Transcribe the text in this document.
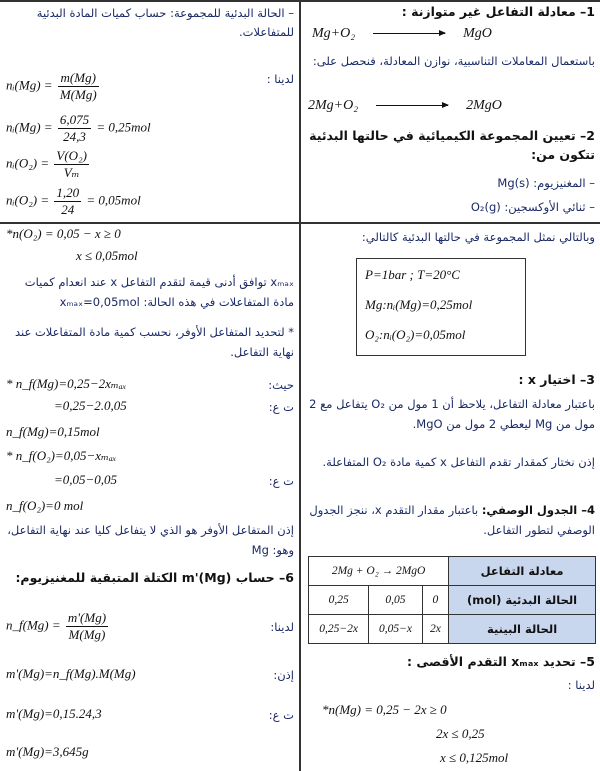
1– معادلة التفاعل غير متوازنة :
Mg+O₂	MgO
باستعمال المعاملات التناسبية، نوازن المعادلة، فنحصل على:
2Mg+O₂	2MgO
2– تعيين المجموعة الكيميائية في حالتها البدئية تتكون من:
– المغنيزيوم: Mg(s)
– ثنائي الأوكسجين: O₂(g)
– الحالة البدئية للمجموعة: حساب كميات المادة البدئية للمتفاعلات.
لدينا :
nᵢ(Mg) = $\frac{m(Mg)}{M(Mg)}$
nᵢ(Mg) = $\frac{6,075}{24,3} = 0,25mol$
nᵢ(O₂) = $\frac{\text{V(O₂)}}{\text{Vₘ}}$
nᵢ(O₂) = $\frac{1,20}{24} = 0,05mol$
وبالتالي نمثل المجموعة في حالتها البدئية كالتالي:
P=1bar ; T=20°C
Mg:nᵢ(Mg)=0,25mol
O₂:nᵢ(O₂)=0,05mol
3– اختيار x :
باعتبار معادلة التفاعل، يلاحظ أن 1 مول من O₂ يتفاعل مع 2 مول من Mg ليعطي 2 مول من MgO.
إذن نختار كمقدار تقدم التفاعل x كمية مادة O₂ المتفاعلة.
4– الجدول الوصفي: باعتبار مقدار التقدم x، ننجز الجدول الوصفي لتطور التفاعل.
2Mg + O₂ → 2MgO			معادلة التفاعل
0,25	0,05	0	الحالة البدئية (mol)
0,25−2x	0,05−x	2x	الحالة البينية
5– تحديد xₘₐₓ التقدم الأقصى :
لدينا :
*n(Mg) = 0,25 − 2x ≥ 0
2x ≤ 0,25
x ≤ 0,125mol
*n(O₂) = 0,05 − x ≥ 0
x ≤ 0,05mol
xₘₐₓ توافق أدنى قيمة لتقدم التفاعل x عند انعدام كميات مادة المتفاعلات في هذه الحالة: xₘₐₓ=0,05mol
* لتحديد المتفاعل الأوفر، نحسب كمية مادة المتفاعلات عند نهاية التفاعل.
حيث:
* n_f(Mg)=0,25−2xₘₐₓ
=0,25−2.0,05	ت ع:
n_f(Mg)=0,15mol
* n_f(O₂)=0,05−xₘₐₓ
=0,05−0,05	ت ع:
n_f(O₂)=0 mol
إذن المتفاعل الأوفر هو الذي لا يتفاعل كليا عند نهاية التفاعل، وهو: Mg
6– حساب m'(Mg) الكتلة المتبقية للمغنيزيوم:
لدينا:
n_f(Mg) = $\frac{m'(Mg)}{M(Mg)}$
إذن:
m'(Mg)=n_f(Mg).M(Mg)
ت ع:
m'(Mg)=0,15.24,3
m'(Mg)=3,645g
